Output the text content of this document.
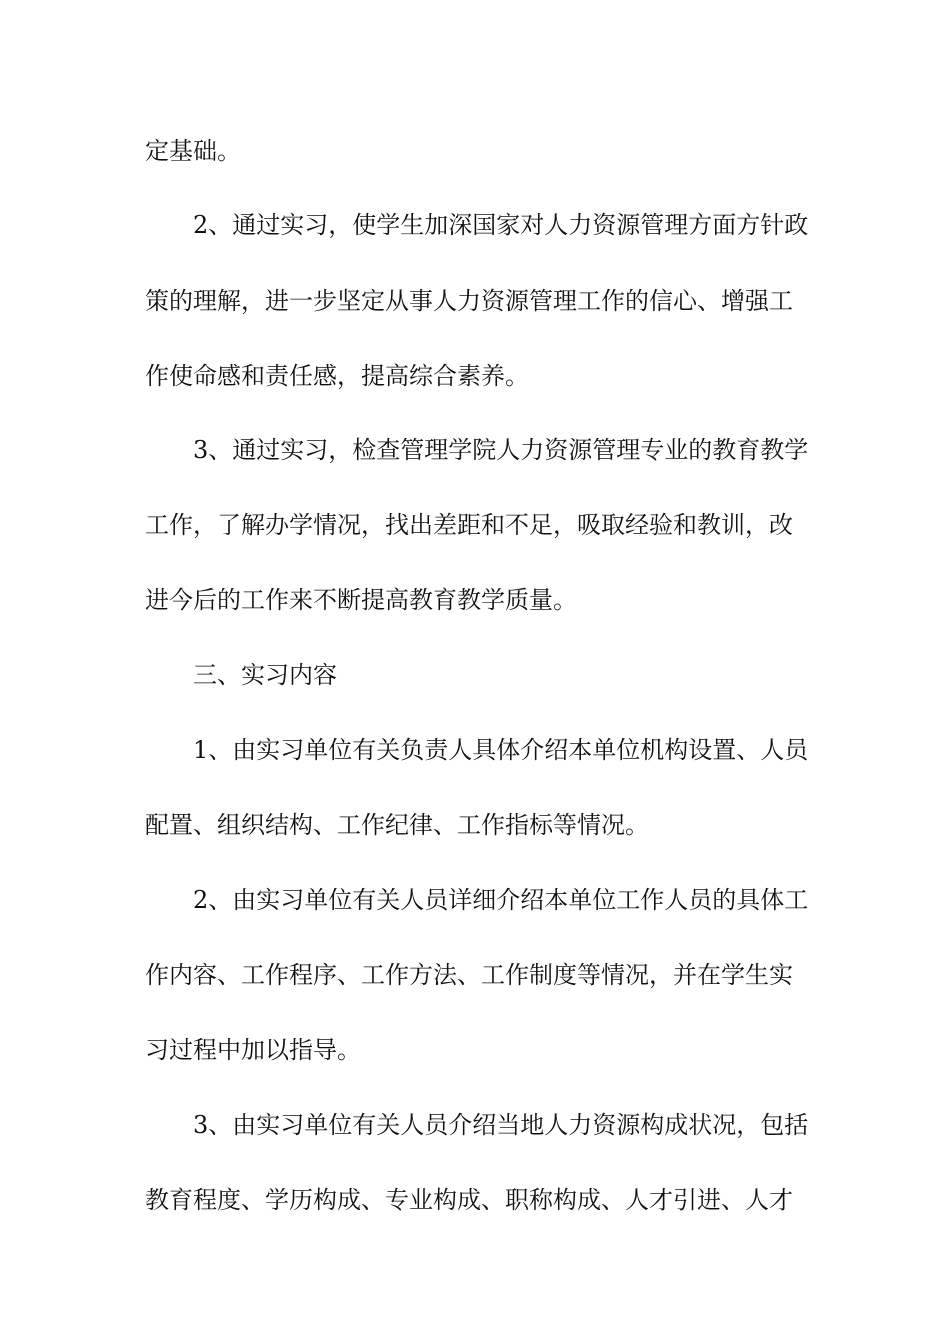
定基础。
2、通过实习，使学生加深国家对人力资源管理方面方针政
策的理解，进一步坚定从事人力资源管理工作的信心、增强工
作使命感和责任感，提高综合素养。
3、通过实习，检查管理学院人力资源管理专业的教育教学
工作，了解办学情况，找出差距和不足，吸取经验和教训，改
进今后的工作来不断提高教育教学质量。
三、实习内容
1、由实习单位有关负责人具体介绍本单位机构设置、人员
配置、组织结构、工作纪律、工作指标等情况。
2、由实习单位有关人员详细介绍本单位工作人员的具体工
作内容、工作程序、工作方法、工作制度等情况，并在学生实
习过程中加以指导。
3、由实习单位有关人员介绍当地人力资源构成状况，包括
教育程度、学历构成、专业构成、职称构成、人才引进、人才
